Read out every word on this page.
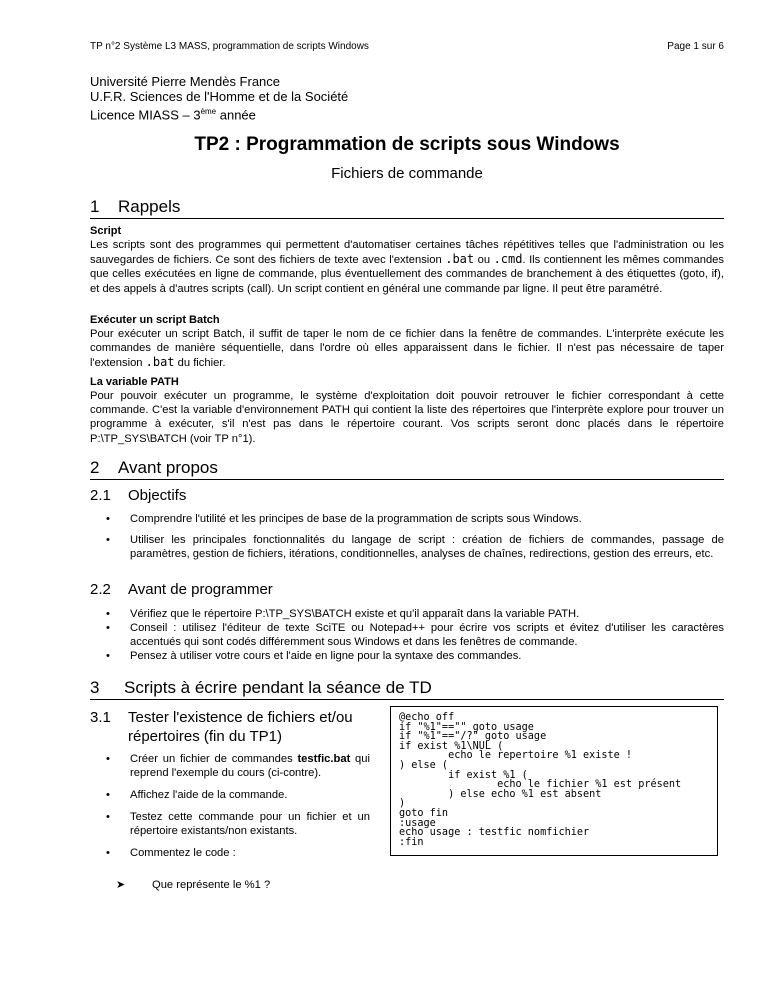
TP n°2 Système L3 MASS, programmation de scripts Windows	Page 1 sur 6
Université Pierre Mendès France
U.F.R. Sciences de l'Homme et de la Société
Licence MIASS – 3ème année
TP2 : Programmation de scripts sous Windows
Fichiers de commande
1 Rappels
Script
Les scripts sont des programmes qui permettent d'automatiser certaines tâches répétitives telles que l'administration ou les sauvegardes de fichiers. Ce sont des fichiers de texte avec l'extension .bat ou .cmd. Ils contiennent les mêmes commandes que celles exécutées en ligne de commande, plus éventuellement des commandes de branchement à des étiquettes (goto, if), et des appels à d'autres scripts (call). Un script contient en général une commande par ligne. Il peut être paramétré.
Exécuter un script Batch
Pour exécuter un script Batch, il suffit de taper le nom de ce fichier dans la fenêtre de commandes. L'interprète exécute les commandes de manière séquentielle, dans l'ordre où elles apparaissent dans le fichier. Il n'est pas nécessaire de taper l'extension .bat du fichier.
La variable PATH
Pour pouvoir exécuter un programme, le système d'exploitation doit pouvoir retrouver le fichier correspondant à cette commande. C'est la variable d'environnement PATH qui contient la liste des répertoires que l'interprète explore pour trouver un programme à exécuter, s'il n'est pas dans le répertoire courant. Vos scripts seront donc placés dans le répertoire P:\TP_SYS\BATCH (voir TP n°1).
2 Avant propos
2.1 Objectifs
• Comprendre l'utilité et les principes de base de la programmation de scripts sous Windows.
• Utiliser les principales fonctionnalités du langage de script : création de fichiers de commandes, passage de paramètres, gestion de fichiers, itérations, conditionnelles, analyses de chaînes, redirections, gestion des erreurs, etc.
2.2 Avant de programmer
• Vérifiez que le répertoire P:\TP_SYS\BATCH existe et qu'il apparaît dans la variable PATH.
• Conseil : utilisez l'éditeur de texte SciTE ou Notepad++ pour écrire vos scripts et évitez d'utiliser les caractères accentués qui sont codés différemment sous Windows et dans les fenêtres de commande.
• Pensez à utiliser votre cours et l'aide en ligne pour la syntaxe des commandes.
3 Scripts à écrire pendant la séance de TD
3.1 Tester l'existence de fichiers et/ou répertoires (fin du TP1)
• Créer un fichier de commandes testfic.bat qui reprend l'exemple du cours (ci-contre).
• Affichez l'aide de la commande.
• Testez cette commande pour un fichier et un répertoire existants/non existants.
• Commentez le code :
➤ Que représente le %1 ?
@echo off
if "%1"=="" goto usage
if "%1"=="/?" goto usage
if exist %1\NUL (
echo le repertoire %1 existe !
) else (
if exist %1 (
echo le fichier %1 est présent
) else echo %1 est absent
)
goto fin
:usage
echo usage : testfic nomfichier
:fin
